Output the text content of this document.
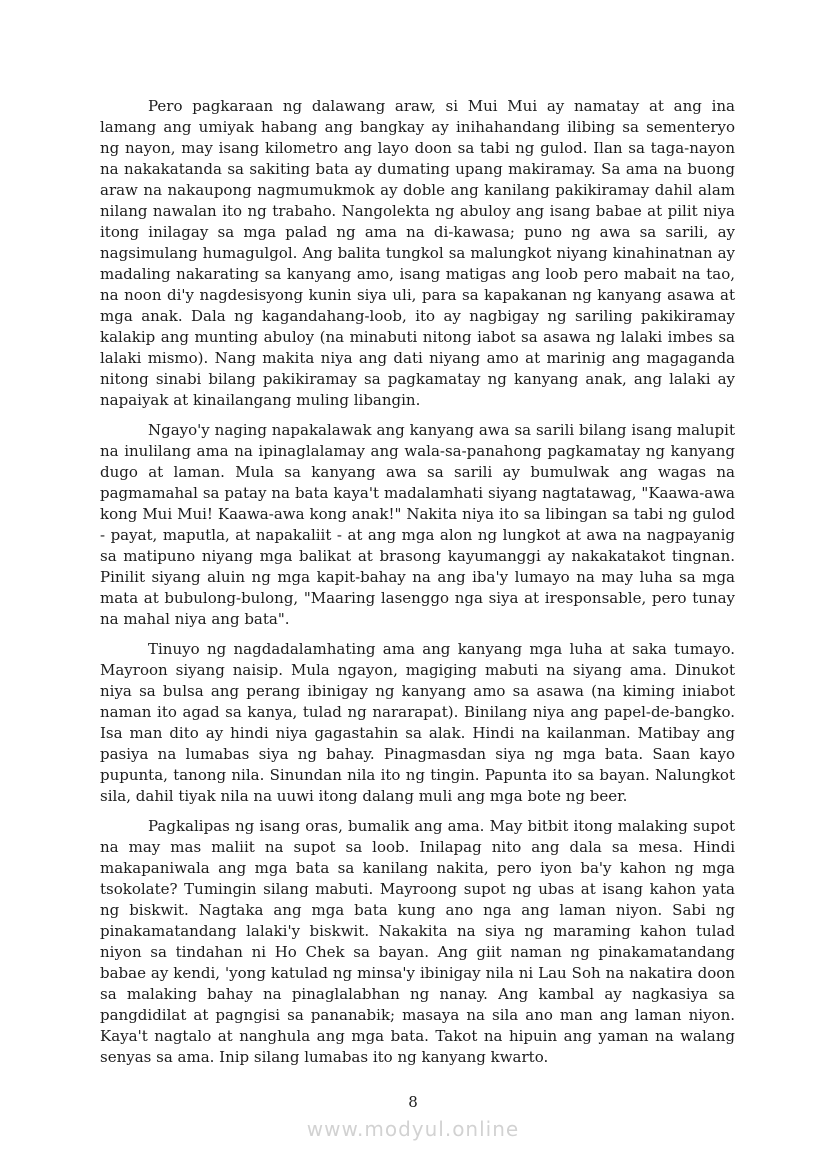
Pero pagkaraan ng dalawang araw, si Mui Mui ay namatay at ang ina lamang ang umiyak habang ang bangkay ay inihahandang ilibing sa sementeryo ng nayon, may isang kilometro ang layo doon sa tabi ng gulod. Ilan sa taga-nayon na nakakatanda sa sakiting bata ay dumating upang makiramay. Sa ama na buong araw na nakaupong nagmumukmok ay doble ang kanilang pakikiramay dahil alam nilang nawalan ito ng trabaho. Nangolekta ng abuloy ang isang babae at pilit niya itong inilagay sa mga palad ng ama na di-kawasa; puno ng awa sa sarili, ay nagsimulang humagulgol. Ang balita tungkol sa malungkot niyang kinahinatnan ay madaling nakarating sa kanyang amo, isang matigas ang loob pero mabait na tao, na noon di'y nagdesisyong kunin siya uli, para sa kapakanan ng kanyang asawa at mga anak. Dala ng kagandahang-loob, ito ay nagbigay ng sariling pakikiramay kalakip ang munting abuloy (na minabuti nitong iabot sa asawa ng lalaki imbes sa lalaki mismo). Nang makita niya ang dati niyang amo at marinig ang magaganda nitong sinabi bilang pakikiramay sa pagkamatay ng kanyang anak, ang lalaki ay napaiyak at kinailangang muling libangin.

Ngayo'y naging napakalawak ang kanyang awa sa sarili bilang isang malupit na inulilang ama na ipinaglalamay ang wala-sa-panahong pagkamatay ng kanyang dugo at laman. Mula sa kanyang awa sa sarili ay bumulwak ang wagas na pagmamahal sa patay na bata kaya't madalamhati siyang nagtatawag, "Kaawa-awa kong Mui Mui! Kaawa-awa kong anak!" Nakita niya ito sa libingan sa tabi ng gulod - payat, maputla, at napakaliit - at ang mga alon ng lungkot at awa na nagpayanig sa matipuno niyang mga balikat at brasong kayumanggi ay nakakatakot tingnan. Pinilit siyang aluin ng mga kapit-bahay na ang iba'y lumayo na may luha sa mga mata at bubulong-bulong, "Maaring lasenggo nga siya at iresponsable, pero tunay na mahal niya ang bata".

Tinuyo ng nagdadalamhating ama ang kanyang mga luha at saka tumayo. Mayroon siyang naisip. Mula ngayon, magiging mabuti na siyang ama. Dinukot niya sa bulsa ang perang ibinigay ng kanyang amo sa asawa (na kiming iniabot naman ito agad sa kanya, tulad ng nararapat). Binilang niya ang papel-de-bangko. Isa man dito ay hindi niya gagastahin sa alak. Hindi na kailanman. Matibay ang pasiya na lumabas siya ng bahay. Pinagmasdan siya ng mga bata. Saan kayo pupunta, tanong nila. Sinundan nila ito ng tingin. Papunta ito sa bayan. Nalungkot sila, dahil tiyak nila na uuwi itong dalang muli ang mga bote ng beer.

Pagkalipas ng isang oras, bumalik ang ama. May bitbit itong malaking supot na may mas maliit na supot sa loob. Inilapag nito ang dala sa mesa. Hindi makapaniwala ang mga bata sa kanilang nakita, pero iyon ba'y kahon ng mga tsokolate? Tumingin silang mabuti. Mayroong supot ng ubas at isang kahon yata ng biskwit. Nagtaka ang mga bata kung ano nga ang laman niyon. Sabi ng pinakamatandang lalaki'y biskwit. Nakakita na siya ng maraming kahon tulad niyon sa tindahan ni Ho Chek sa bayan. Ang giit naman ng pinakamatandang babae ay kendi, 'yong katulad ng minsa'y ibinigay nila ni Lau Soh na nakatira doon sa malaking bahay na pinaglalabhan ng nanay. Ang kambal ay nagkasiya sa pangdidilat at pagngisi sa pananabik; masaya na sila ano man ang laman niyon. Kaya't nagtalo at nanghula ang mga bata. Takot na hipuin ang yaman na walang senyas sa ama. Inip silang lumabas ito ng kanyang kwarto.

8
www.modyul.online
